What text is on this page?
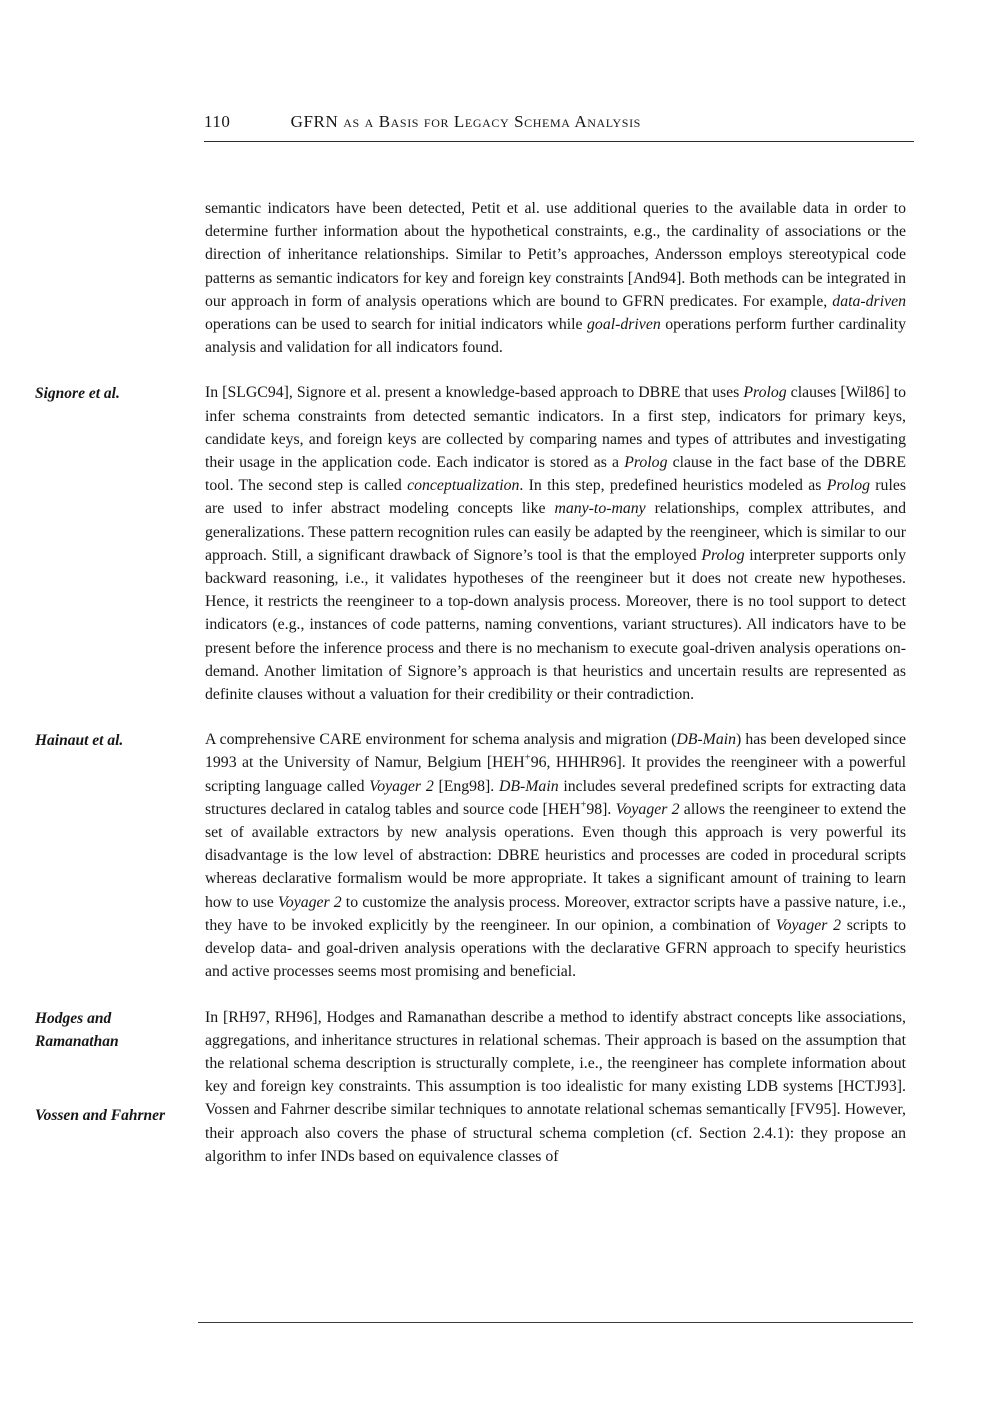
110	GFRN as a Basis for Legacy Schema Analysis

semantic indicators have been detected, Petit et al. use additional queries to the available data in order to determine further information about the hypothetical constraints, e.g., the cardinality of associations or the direction of inheritance relationships. Similar to Petit’s approaches, Andersson employs stereotypical code patterns as semantic indicators for key and foreign key constraints [And94]. Both methods can be integrated in our approach in form of analysis operations which are bound to GFRN predicates. For example, data-driven operations can be used to search for initial indicators while goal-driven operations perform further cardinality analysis and validation for all indicators found.

Signore et al.	In [SLGC94], Signore et al. present a knowledge-based approach to DBRE that uses Prolog clauses [Wil86] to infer schema constraints from detected semantic indicators. In a first step, indicators for primary keys, candidate keys, and foreign keys are collected by comparing names and types of attributes and investigating their usage in the application code. Each indicator is stored as a Prolog clause in the fact base of the DBRE tool. The second step is called conceptualization. In this step, predefined heuristics modeled as Prolog rules are used to infer abstract modeling concepts like many-to-many relationships, complex attributes, and generalizations. These pattern recognition rules can easily be adapted by the reengineer, which is similar to our approach. Still, a significant drawback of Signore’s tool is that the employed Prolog interpreter supports only backward reasoning, i.e., it validates hypotheses of the reengineer but it does not create new hypotheses. Hence, it restricts the reengineer to a top-down analysis process. Moreover, there is no tool support to detect indicators (e.g., instances of code patterns, naming conventions, variant structures). All indicators have to be present before the inference process and there is no mechanism to execute goal-driven analysis operations on-demand. Another limitation of Signore’s approach is that heuristics and uncertain results are represented as definite clauses without a valuation for their credibility or their contradiction.

Hainaut et al.	A comprehensive CARE environment for schema analysis and migration (DB-Main) has been developed since 1993 at the University of Namur, Belgium [HEH+96, HHHR96]. It provides the reengineer with a powerful scripting language called Voyager 2 [Eng98]. DB-Main includes several predefined scripts for extracting data structures declared in catalog tables and source code [HEH+98]. Voyager 2 allows the reengineer to extend the set of available extractors by new analysis operations. Even though this approach is very powerful its disadvantage is the low level of abstraction: DBRE heuristics and processes are coded in procedural scripts whereas declarative formalism would be more appropriate. It takes a significant amount of training to learn how to use Voyager 2 to customize the analysis process. Moreover, extractor scripts have a passive nature, i.e., they have to be invoked explicitly by the reengineer. In our opinion, a combination of Voyager 2 scripts to develop data- and goal-driven analysis operations with the declarative GFRN approach to specify heuristics and active processes seems most promising and beneficial.

Hodges and Ramanathan
Vossen and Fahrner
In [RH97, RH96], Hodges and Ramanathan describe a method to identify abstract concepts like associations, aggregations, and inheritance structures in relational schemas. Their approach is based on the assumption that the relational schema description is structurally complete, i.e., the reengineer has complete information about key and foreign key constraints. This assumption is too idealistic for many existing LDB systems [HCTJ93]. Vossen and Fahrner describe similar techniques to annotate relational schemas semantically [FV95]. However, their approach also covers the phase of structural schema completion (cf. Section 2.4.1): they propose an algorithm to infer INDs based on equivalence classes of
